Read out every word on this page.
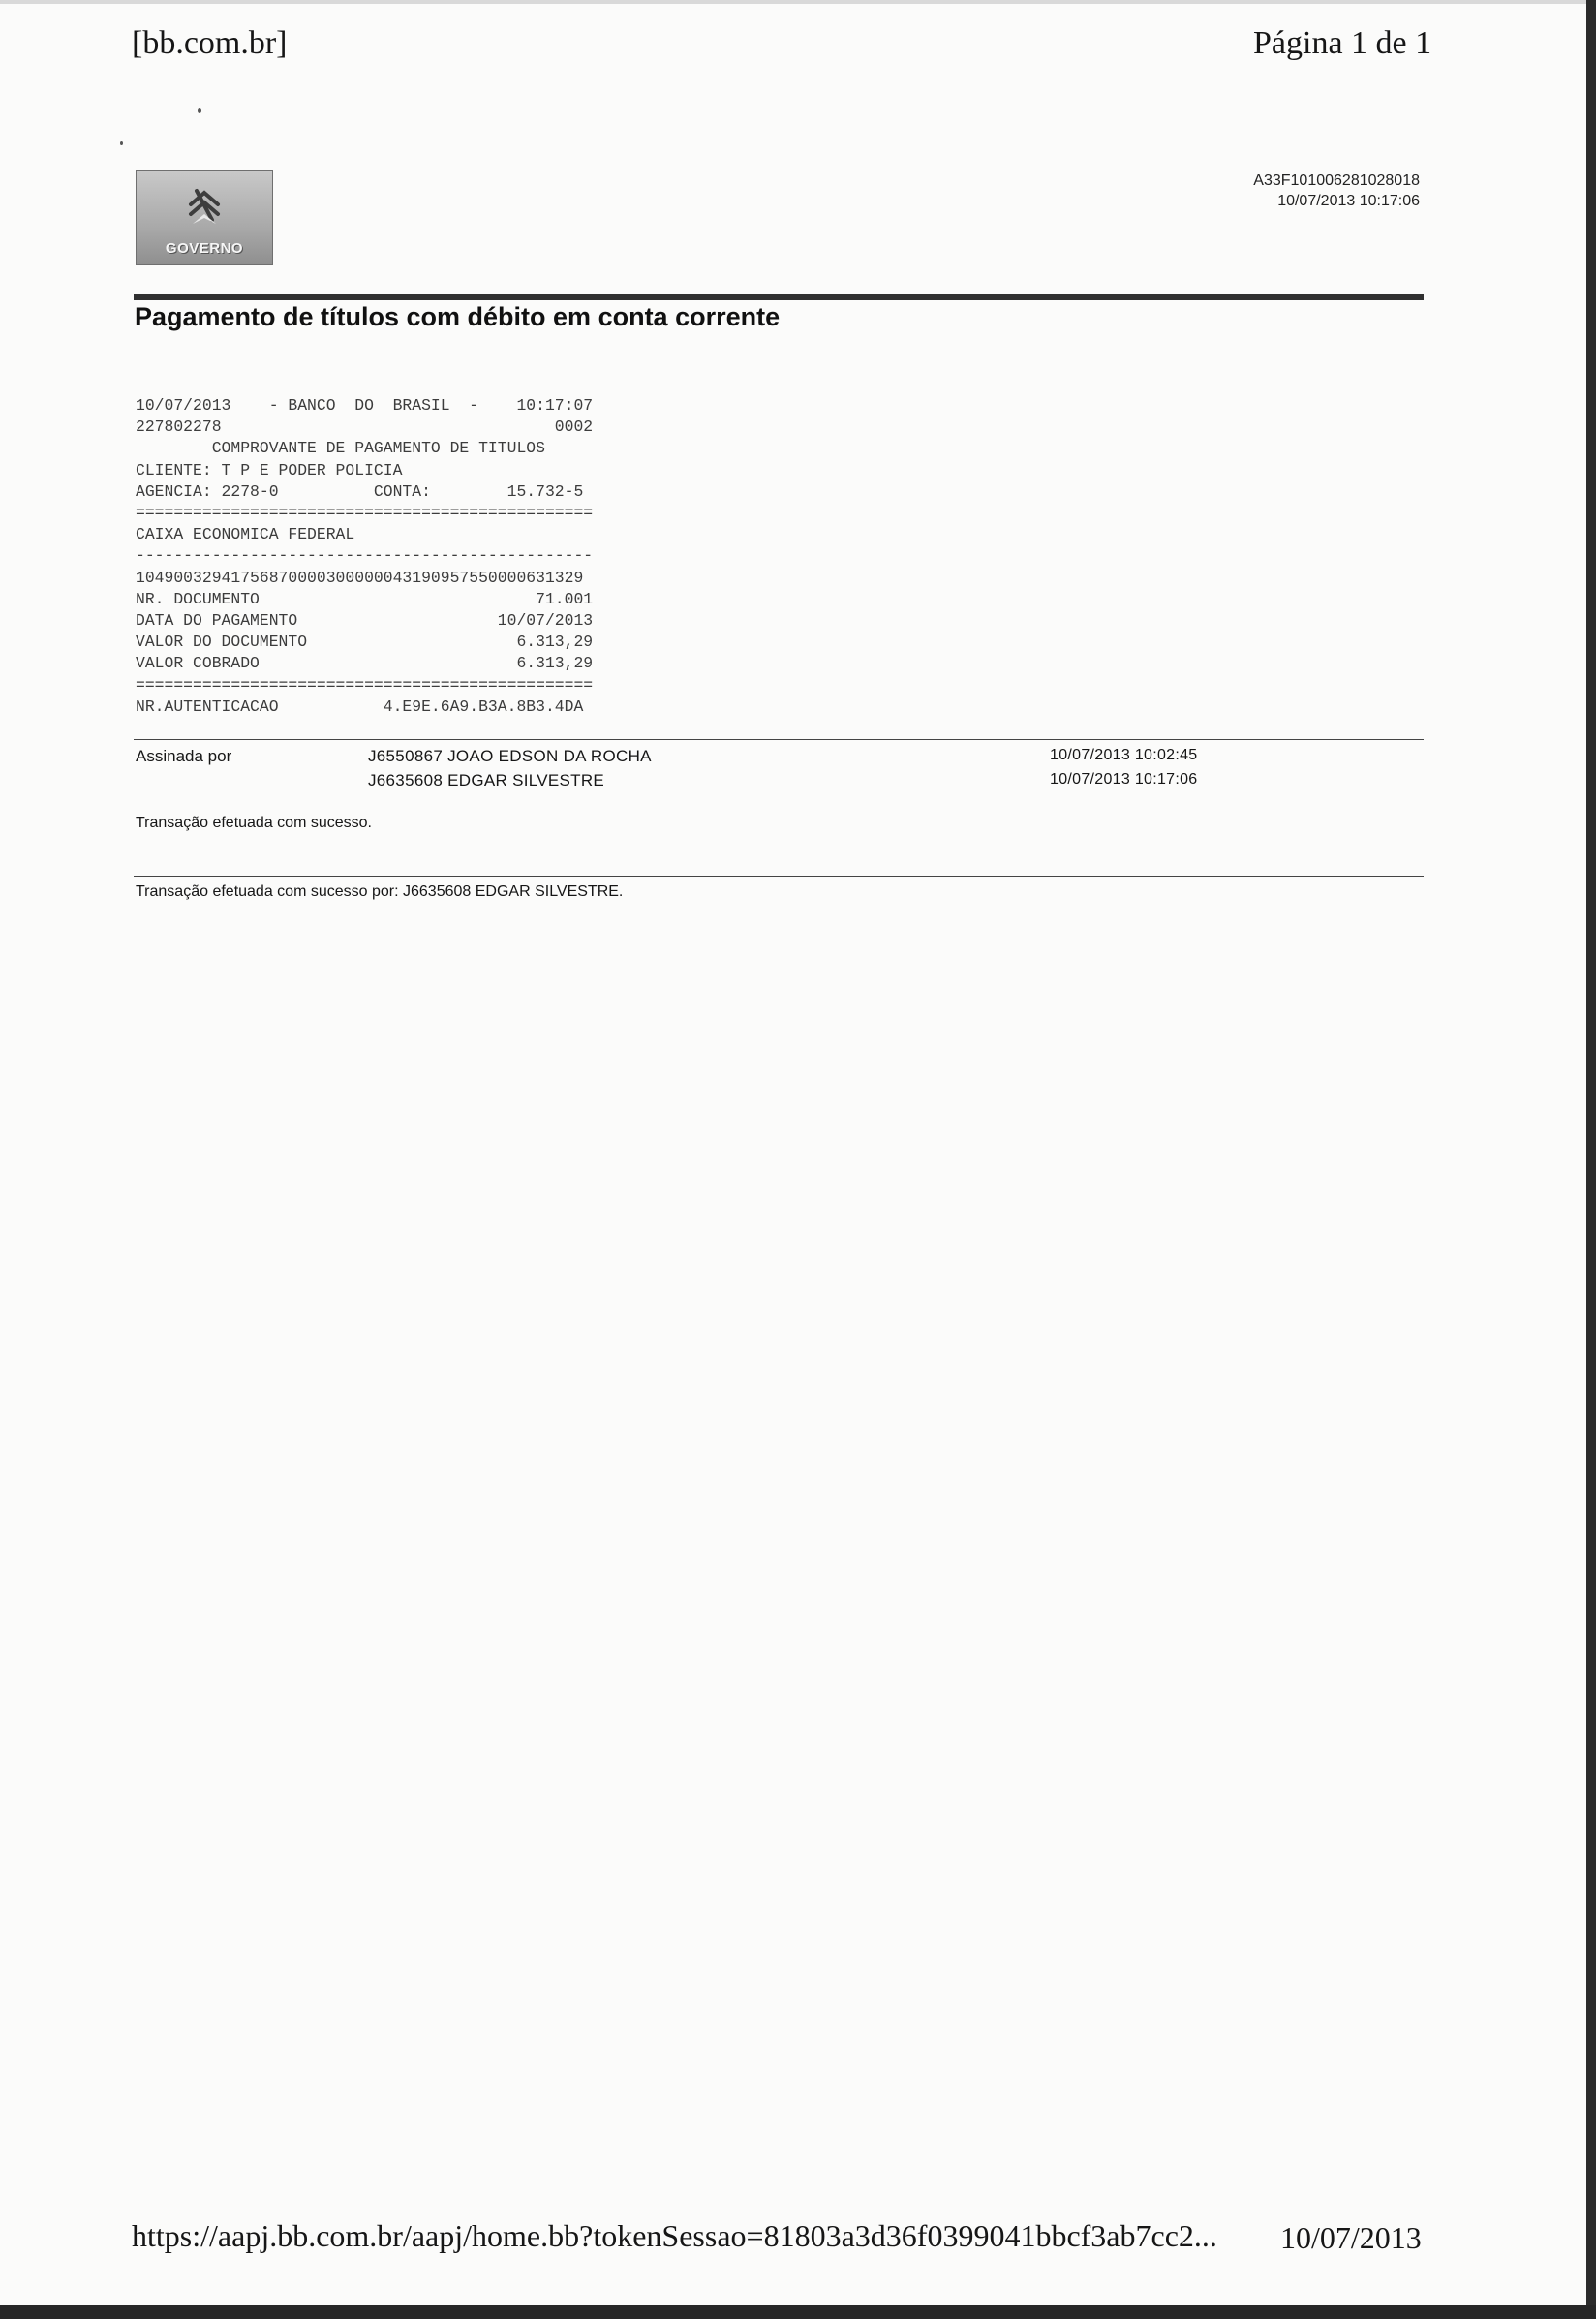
[bb.com.br]	Página 1 de 1
GOVERNO
A33F101006281028018
10/07/2013 10:17:06
Pagamento de títulos com débito em conta corrente
10/07/2013    - BANCO  DO  BRASIL  -    10:17:07
227802278                                   0002
COMPROVANTE DE PAGAMENTO DE TITULOS
CLIENTE: T P E PODER POLICIA
AGENCIA: 2278-0          CONTA:        15.732-5
================================================
CAIXA ECONOMICA FEDERAL
------------------------------------------------
10490032941756870000300000043190957550000631329
NR. DOCUMENTO                             71.001
DATA DO PAGAMENTO                     10/07/2013
VALOR DO DOCUMENTO                      6.313,29
VALOR COBRADO                           6.313,29
================================================
NR.AUTENTICACAO           4.E9E.6A9.B3A.8B3.4DA
Assinada por	J6550867 JOAO EDSON DA ROCHA	10/07/2013 10:02:45
J6635608 EDGAR SILVESTRE	10/07/2013 10:17:06
Transação efetuada com sucesso.
Transação efetuada com sucesso por: J6635608 EDGAR SILVESTRE.
https://aapj.bb.com.br/aapj/home.bb?tokenSessao=81803a3d36f0399041bbcf3ab7cc2... 10/07/2013
